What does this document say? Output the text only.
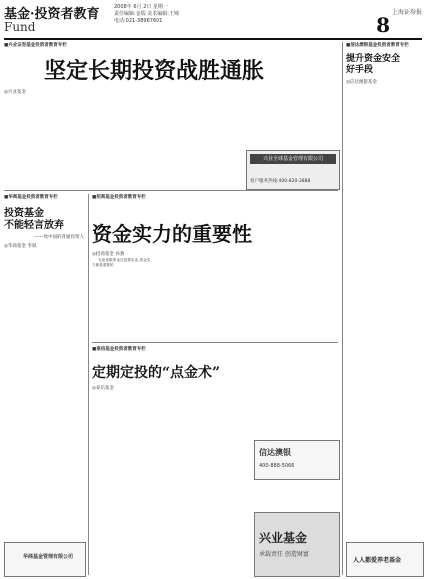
基金·投资者教育
Fund
2008年 6月 2日 星期一
责任编辑:金瑞 美术编辑:王锦
电话:021-38967601	8
上海证券报
■兴业证券基金投资者教育专栏
坚定长期投资战胜通胀
◎兴业基金

兴业全球基金管理有限公司
客户服务热线:400-820-2888
■华商基金投资者教育专栏
投资基金
不能轻言放弃
——致中国的普通投资人
◎华商基金 李斌

华商基金管理有限公司
■招商基金投资者教育专栏
资金实力的重要性
◎招商基金 孙燕

无论是做资金还是做实业,资金实力都是重要的

■泰信基金投资者教育专栏
定期定投的“点金术”
◎泰信基金

兴业基金
承载责任 创造财富
信达澳银
400-888-5066
■信达澳银基金投资者教育专栏
提升资金安全
好手段
◎信达澳银基金

人人都爱养老基金
